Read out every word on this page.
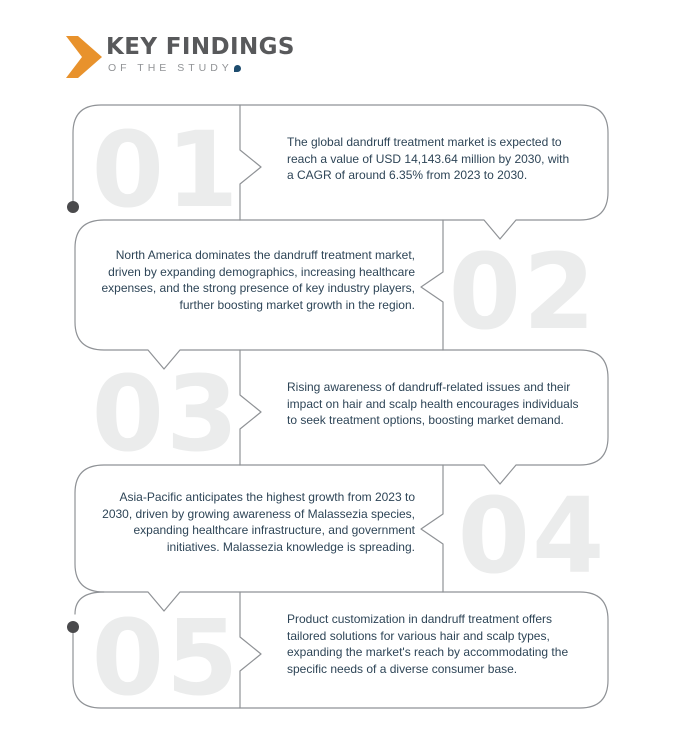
KEY FINDINGS
OF THE STUDY
01
02
03
04
05
The global dandruff treatment market is expected to reach a value of USD 14,143.64 million by 2030, with a CAGR of around 6.35% from 2023 to 2030.
North America dominates the dandruff treatment market, driven by expanding demographics, increasing healthcare expenses, and the strong presence of key industry players, further boosting market growth in the region.
Rising awareness of dandruff-related issues and their impact on hair and scalp health encourages individuals to seek treatment options, boosting market demand.
Asia-Pacific anticipates the highest growth from 2023 to 2030, driven by growing awareness of Malassezia species, expanding healthcare infrastructure, and government initiatives. Malassezia knowledge is spreading.
Product customization in dandruff treatment offers tailored solutions for various hair and scalp types, expanding the market's reach by accommodating the specific needs of a diverse consumer base.
